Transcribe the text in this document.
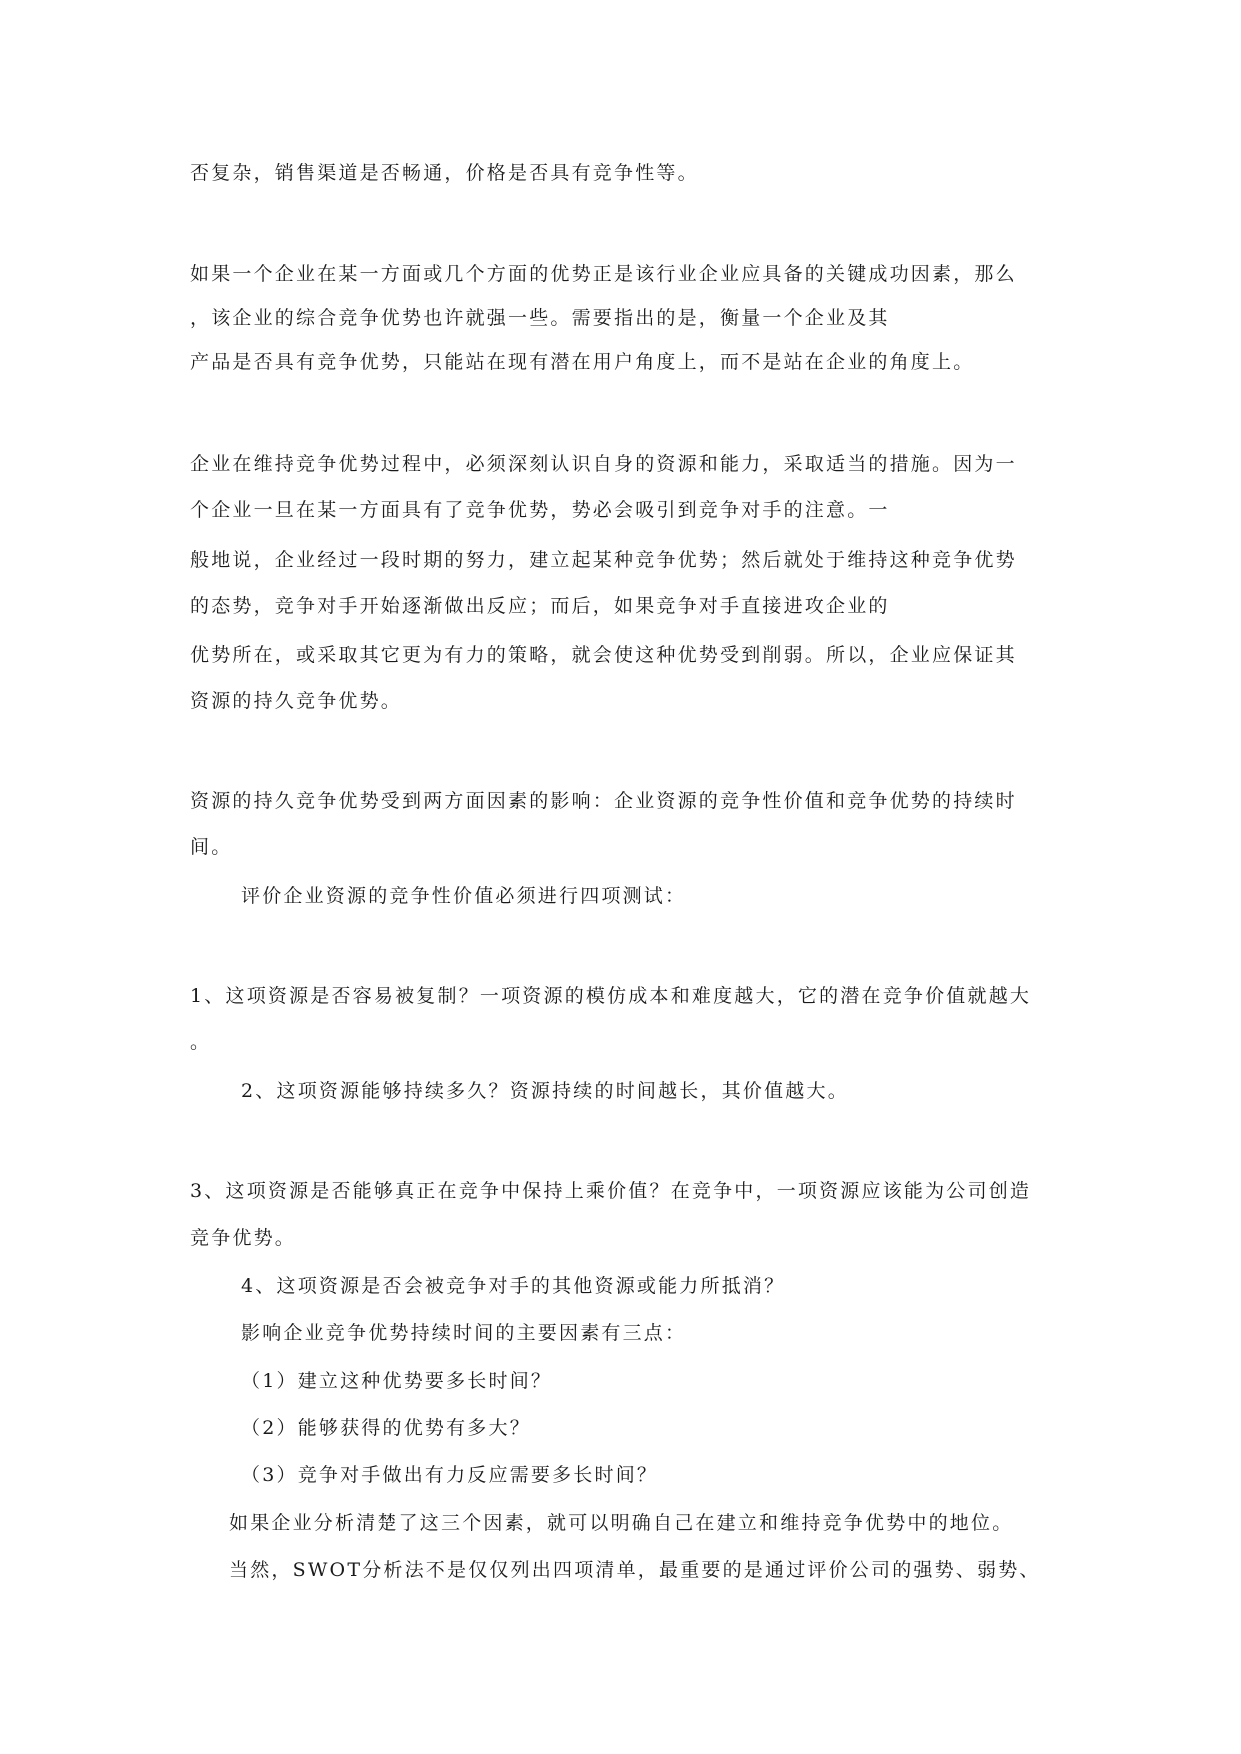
否复杂，销售渠道是否畅通，价格是否具有竞争性等。
如果一个企业在某一方面或几个方面的优势正是该行业企业应具备的关键成功因素，那么
，该企业的综合竞争优势也许就强一些。需要指出的是，衡量一个企业及其
产品是否具有竞争优势，只能站在现有潜在用户角度上，而不是站在企业的角度上。
企业在维持竞争优势过程中，必须深刻认识自身的资源和能力，采取适当的措施。因为一
个企业一旦在某一方面具有了竞争优势，势必会吸引到竞争对手的注意。一
般地说，企业经过一段时期的努力，建立起某种竞争优势；然后就处于维持这种竞争优势
的态势，竞争对手开始逐渐做出反应；而后，如果竞争对手直接进攻企业的
优势所在，或采取其它更为有力的策略，就会使这种优势受到削弱。所以，企业应保证其
资源的持久竞争优势。
资源的持久竞争优势受到两方面因素的影响：企业资源的竞争性价值和竞争优势的持续时
间。
评价企业资源的竞争性价值必须进行四项测试：
1、这项资源是否容易被复制？一项资源的模仿成本和难度越大，它的潜在竞争价值就越大
。
2、这项资源能够持续多久？资源持续的时间越长，其价值越大。
3、这项资源是否能够真正在竞争中保持上乘价值？在竞争中，一项资源应该能为公司创造
竞争优势。
4、这项资源是否会被竞争对手的其他资源或能力所抵消？
影响企业竞争优势持续时间的主要因素有三点：
（1）建立这种优势要多长时间？
（2）能够获得的优势有多大？
（3）竞争对手做出有力反应需要多长时间？
如果企业分析清楚了这三个因素，就可以明确自己在建立和维持竞争优势中的地位。
当然，SWOT分析法不是仅仅列出四项清单，最重要的是通过评价公司的强势、弱势、
